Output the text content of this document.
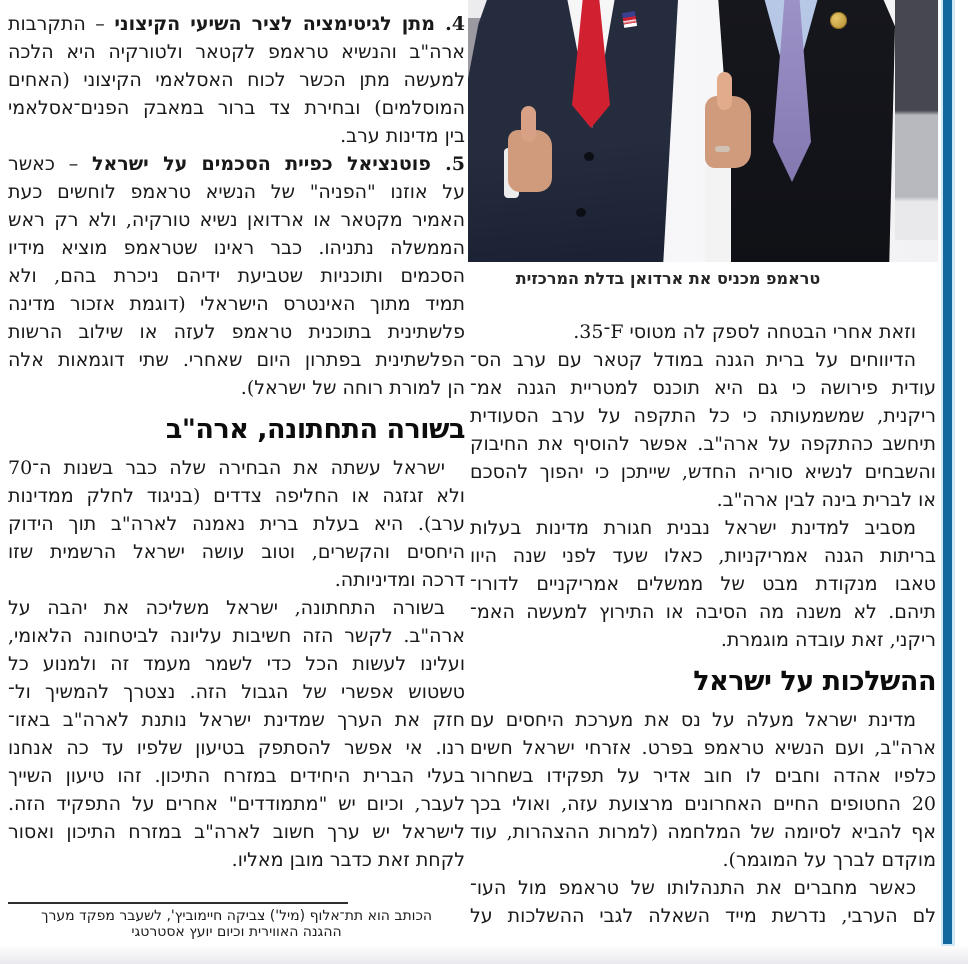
טראמפ מכניס את ארדואן בדלת המרכזית
וזאת אחרי הבטחה לספק לה מטוסי F־35.
הדיווחים על ברית הגנה במודל קטאר עם ערב הס־
עודית פירושה כי גם היא תוכנס למטריית הגנה אמ־
ריקנית, שמשמעותה כי כל התקפה על ערב הסעודית
תיחשב כהתקפה על ארה"ב. אפשר להוסיף את החיבוק
והשבחים לנשיא סוריה החדש, שייתכן כי יהפוך להסכם
או לברית בינה לבין ארה"ב.
מסביב למדינת ישראל נבנית חגורת מדינות בעלות
בריתות הגנה אמריקניות, כאלו שעד לפני שנה היוו
טאבו מנקודת מבט של ממשלים אמריקניים לדורו־
תיהם. לא משנה מה הסיבה או התירוץ למעשה האמ־
ריקני, זאת עובדה מוגמרת.
ההשלכות על ישראל
מדינת ישראל מעלה על נס את מערכת היחסים עם
ארה"ב, ועם הנשיא טראמפ בפרט. אזרחי ישראל חשים
כלפיו אהדה וחבים לו חוב אדיר על תפקידו בשחרור
20 החטופים החיים האחרונים מרצועת עזה, ואולי בכך
אף להביא לסיומה של המלחמה (למרות ההצהרות, עוד
מוקדם לברך על המוגמר).
כאשר מחברים את התנהלותו של טראמפ מול העו־
לם הערבי, נדרשת מייד השאלה לגבי ההשלכות על
4. מתן לגיטימציה לציר השיעי הקיצוני – התקרבות
ארה"ב והנשיא טראמפ לקטאר ולטורקיה היא הלכה
למעשה מתן הכשר לכוח האסלאמי הקיצוני (האחים
המוסלמים) ובחירת צד ברור במאבק הפנים־אסלאמי
בין מדינות ערב.
5. פוטנציאל כפיית הסכמים על ישראל – כאשר
על אוזנו "הפניה" של הנשיא טראמפ לוחשים כעת
האמיר מקטאר או ארדואן נשיא טורקיה, ולא רק ראש
הממשלה נתניהו. כבר ראינו שטראמפ מוציא מידיו
הסכמים ותוכניות שטביעת ידיהם ניכרת בהם, ולא
תמיד מתוך האינטרס הישראלי (דוגמת אזכור מדינה
פלשתינית בתוכנית טראמפ לעזה או שילוב הרשות
הפלשתינית בפתרון היום שאחרי. שתי דוגמאות אלה
הן למורת רוחה של ישראל).
בשורה התחתונה, ארה"ב
ישראל עשתה את הבחירה שלה כבר בשנות ה־70
ולא זגזגה או החליפה צדדים (בניגוד לחלק ממדינות
ערב). היא בעלת ברית נאמנה לארה"ב תוך הידוק
היחסים והקשרים, וטוב עושה ישראל הרשמית שזו
דרכה ומדיניותה.
בשורה התחתונה, ישראל משליכה את יהבה על
ארה"ב. לקשר הזה חשיבות עליונה לביטחונה הלאומי,
ועלינו לעשות הכל כדי לשמר מעמד זה ולמנוע כל
טשטוש אפשרי של הגבול הזה. נצטרך להמשיך ול־
חזק את הערך שמדינת ישראל נותנת לארה"ב באזו־
רנו. אי אפשר להסתפק בטיעון שלפיו עד כה אנחנו
בעלי הברית היחידים במזרח התיכון. זהו טיעון השייך
לעבר, וכיום יש "מתמודדים" אחרים על התפקיד הזה.
לישראל יש ערך חשוב לארה"ב במזרח התיכון ואסור
לקחת זאת כדבר מובן מאליו.
הכותב הוא תת־אלוף (מיל') צביקה חיימוביץ', לשעבר מפקד מערך
ההגנה האווירית וכיום יועץ אסטרטגי
